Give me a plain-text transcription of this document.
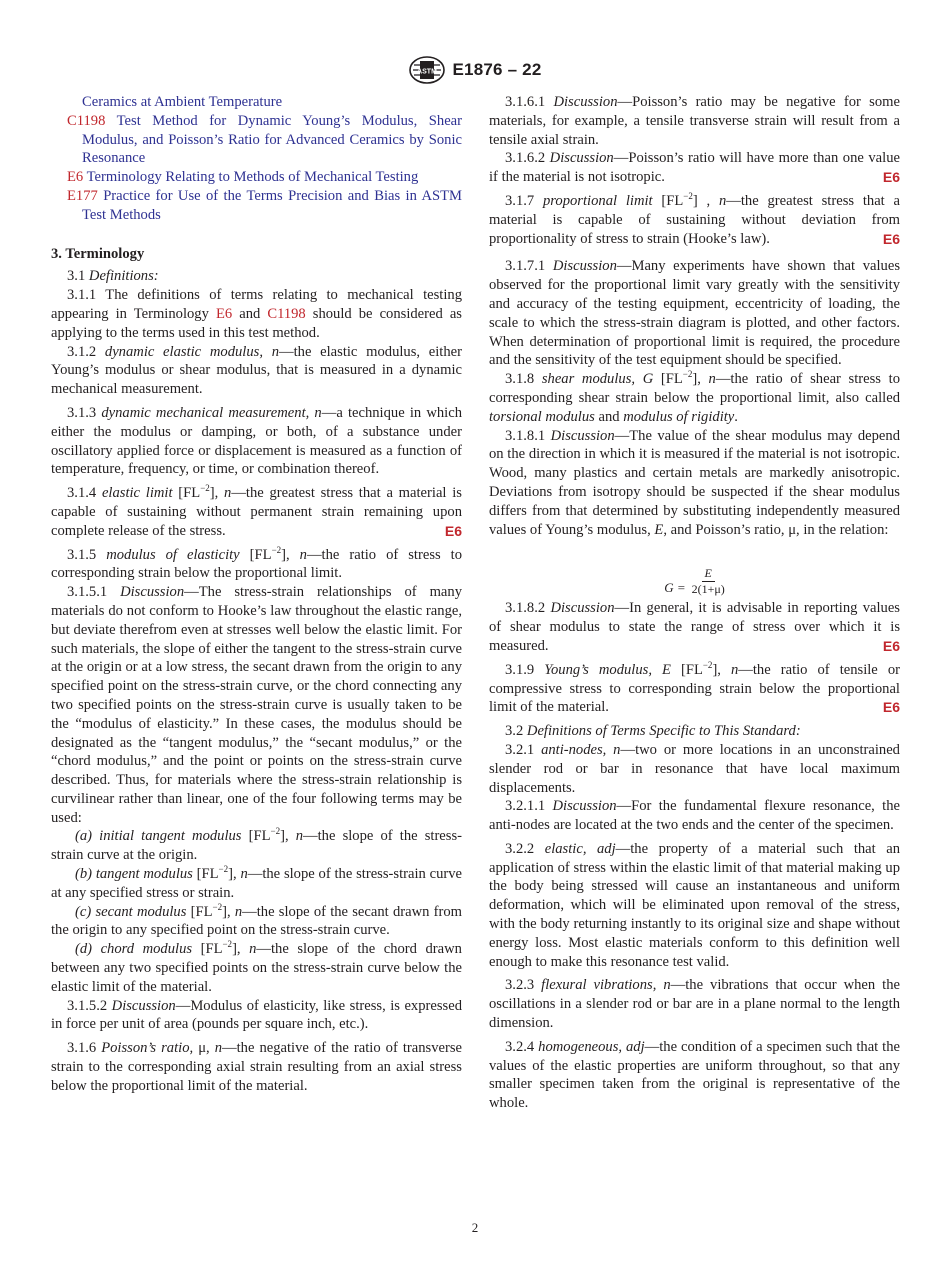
ASTM E1876 – 22

Ceramics at Ambient Temperature

C1198 Test Method for Dynamic Young’s Modulus, Shear Modulus, and Poisson’s Ratio for Advanced Ceramics by Sonic Resonance

E6 Terminology Relating to Methods of Mechanical Testing

E177 Practice for Use of the Terms Precision and Bias in ASTM Test Methods

3. Terminology

3.1 Definitions:

3.1.1 The definitions of terms relating to mechanical testing appearing in Terminology E6 and C1198 should be considered as applying to the terms used in this test method.

3.1.2 dynamic elastic modulus, n—the elastic modulus, either Young’s modulus or shear modulus, that is measured in a dynamic mechanical measurement.

3.1.3 dynamic mechanical measurement, n—a technique in which either the modulus or damping, or both, of a substance under oscillatory applied force or displacement is measured as a function of temperature, frequency, or time, or combination thereof.

3.1.4 elastic limit $[FL^{-2}]$, n—the greatest stress that a material is capable of sustaining without permanent strain remaining upon complete release of the stress.	E6

3.1.5 modulus of elasticity $[FL^{-2}]$, n—the ratio of stress to corresponding strain below the proportional limit.

3.1.5.1 Discussion—The stress-strain relationships of many materials do not conform to Hooke’s law throughout the elastic range, but deviate therefrom even at stresses well below the elastic limit. For such materials, the slope of either the tangent to the stress-strain curve at the origin or at a low stress, the secant drawn from the origin to any specified point on the stress-strain curve, or the chord connecting any two specified points on the stress-strain curve is usually taken to be the “modulus of elasticity.” In these cases, the modulus should be designated as the “tangent modulus,” the “secant modulus,” or the “chord modulus,” and the point or points on the stress-strain curve described. Thus, for materials where the stress-strain relationship is curvilinear rather than linear, one of the four following terms may be used:

(a) initial tangent modulus $[FL^{-2}]$, n—the slope of the stress-strain curve at the origin.

(b) tangent modulus $[FL^{-2}]$, n—the slope of the stress-strain curve at any specified stress or strain.

(c) secant modulus $[FL^{-2}]$, n—the slope of the secant drawn from the origin to any specified point on the stress-strain curve.

(d) chord modulus $[FL^{-2}]$, n—the slope of the chord drawn between any two specified points on the stress-strain curve below the elastic limit of the material.

3.1.5.2 Discussion—Modulus of elasticity, like stress, is expressed in force per unit of area (pounds per square inch, etc.).

3.1.6 Poisson’s ratio, μ, n—the negative of the ratio of transverse strain to the corresponding axial strain resulting from an axial stress below the proportional limit of the material.

3.1.6.1 Discussion—Poisson’s ratio may be negative for some materials, for example, a tensile transverse strain will result from a tensile axial strain.

3.1.6.2 Discussion—Poisson’s ratio will have more than one value if the material is not isotropic.	E6

3.1.7 proportional limit $[FL^{-2}]$ , n—the greatest stress that a material is capable of sustaining without deviation from proportionality of stress to strain (Hooke’s law).	E6

3.1.7.1 Discussion—Many experiments have shown that values observed for the proportional limit vary greatly with the sensitivity and accuracy of the testing equipment, eccentricity of loading, the scale to which the stress-strain diagram is plotted, and other factors. When determination of proportional limit is required, the procedure and the sensitivity of the test equipment should be specified.

3.1.8 shear modulus, G $[FL^{-2}]$, n—the ratio of shear stress to corresponding shear strain below the proportional limit, also called torsional modulus and modulus of rigidity.

3.1.8.1 Discussion—The value of the shear modulus may depend on the direction in which it is measured if the material is not isotropic. Wood, many plastics and certain metals are markedly anisotropic. Deviations from isotropy should be suspected if the shear modulus differs from that determined by substituting independently measured values of Young’s modulus, E, and Poisson’s ratio, μ, in the relation:

$G = \frac{E}{2(1+\mu)}$

3.1.8.2 Discussion—In general, it is advisable in reporting values of shear modulus to state the range of stress over which it is measured.	E6

3.1.9 Young’s modulus, E $[FL^{-2}]$, n—the ratio of tensile or compressive stress to corresponding strain below the proportional limit of the material.	E6

3.2 Definitions of Terms Specific to This Standard:

3.2.1 anti-nodes, n—two or more locations in an unconstrained slender rod or bar in resonance that have local maximum displacements.

3.2.1.1 Discussion—For the fundamental flexure resonance, the anti-nodes are located at the two ends and the center of the specimen.

3.2.2 elastic, adj—the property of a material such that an application of stress within the elastic limit of that material making up the body being stressed will cause an instantaneous and uniform deformation, which will be eliminated upon removal of the stress, with the body returning instantly to its original size and shape without energy loss. Most elastic materials conform to this definition well enough to make this resonance test valid.

3.2.3 flexural vibrations, n—the vibrations that occur when the oscillations in a slender rod or bar are in a plane normal to the length dimension.

3.2.4 homogeneous, adj—the condition of a specimen such that the values of the elastic properties are uniform throughout, so that any smaller specimen taken from the original is representative of the whole.

2
